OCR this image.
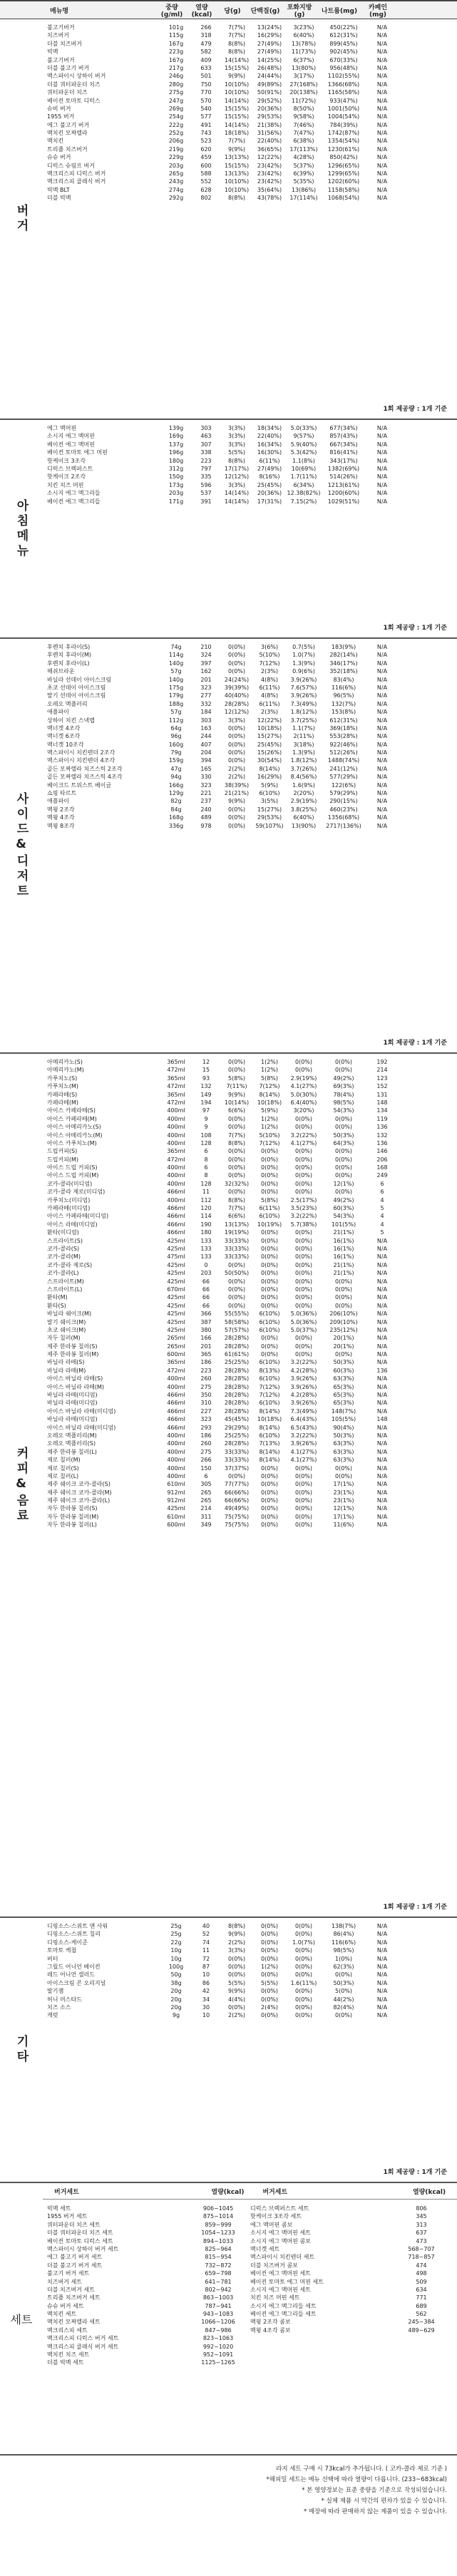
메뉴명	중량(g/ml)
열량(kcal)	당(g)	단백질(g)	포화지방(g)	나트륨(mg)	카페인(mg)
버거
불고기버거	101g	266	7(7%)	13(24%)	3(23%)	450(22%)	N/A
치즈버거	115g	318	7(7%)	16(29%)	6(40%)	612(31%)	N/A
더블 치즈버거	167g	479	8(8%)	27(49%)	13(78%)	899(45%)	N/A
빅맥	223g	582	8(8%)	27(49%)	11(73%)	902(45%)	N/A
불고기버거	167g	409	14(14%)	14(25%)	6(37%)	670(33%)	N/A
더블 불고기 버거	217g	633	15(15%)	26(48%)	13(80%)	956(48%)	N/A
맥스파이시 상하이 버거	246g	501	9(9%)	24(44%)	3(17%)	1102(55%)	N/A
더블 쿼터파운더 치즈	280g	750	10(10%)	49(89%)	27(168%)	1366(68%)	N/A
쿼터파운더 치즈	275g	770	10(10%)	50(91%)	20(138%)	1165(58%)	N/A
베이컨 토마토 디럭스	247g	570	14(14%)	29(52%)	11(72%)	933(47%)	N/A
슈비 버거	269g	540	15(15%)	20(36%)	8(50%)	1001(50%)	N/A
1955 버거	254g	577	15(15%)	29(53%)	9(58%)	1004(54%)	N/A
에그 불고기 버거	222g	491	14(14%)	21(38%)	7(46%)	784(39%)	N/A
맥치킨 모짜렐라	252g	743	18(18%)	31(56%)	7(47%)	1742(87%)	N/A
맥치킨	206g	523	7(7%)	22(40%)	6(38%)	1354(54%)	N/A
트리플 치즈버거	219g	620	9(9%)	36(65%)	17(113%)	1230(61%)	N/A
슈슈 버거	229g	459	13(13%)	12(22%)	4(28%)	850(42%)	N/A
디럭스 슈림프 버거	203g	600	15(15%)	23(42%)	5(37%)	1296(65%)	N/A
맥크리스피 디럭스 버거	265g	588	13(13%)	23(42%)	6(39%)	1299(65%)	N/A
맥크리스피 클래식 버거	243g	552	10(10%)	23(42%)	5(35%)	1202(60%)	N/A
빅맥 BLT	274g	628	10(10%)	35(64%)	13(86%)	1158(58%)	N/A
더블 빅맥	292g	802	8(8%)	43(78%)	17(114%)	1068(54%)	N/A
1회 제공량 : 1개 기준
아침메뉴
에그 맥머핀	139g	303	3(3%)	18(34%)	5.0(33%)	677(34%)	N/A
소시지 에그 맥머핀	169g	463	3(3%)	22(40%)	9(57%)	857(43%)	N/A
베이컨 에그 맥머핀	137g	307	3(3%)	16(34%)	5.9(40%)	667(34%)	N/A
베이컨 토마토 에그 머핀	196g	338	5(5%)	16(30%)	5.3(42%)	816(41%)	N/A
핫케이크 3조각	180g	223	8(8%)	6(11%)	1.1(8%)	343(17%)	N/A
디럭스 브렉퍼스트	312g	797	17(17%)	27(49%)	10(69%)	1382(69%)	N/A
핫케이크 2조각	150g	335	12(12%)	8(16%)	1.7(11%)	514(26%)	N/A
치킨 치즈 머핀	173g	596	3(3%)	25(45%)	6(34%)	1213(61%)	N/A
소시지 에그 맥그리들	203g	537	14(14%)	20(36%) 12.38(82%)	1200(60%)	N/A
베이컨 에그 맥그리들	171g	391	14(14%)	17(31%)	7.15(2%)	1029(51%)	N/A
1회 제공량 : 1개 기준
사이드&디저트
후렌치 후라이(S)	74g	210	0(0%)	3(6%)	0.7(5%)	183(9%)	N/A
후렌치 후라이(M)	114g	324	0(0%)	5(10%)	1.0(7%)	282(14%)	N/A
후렌치 후라이(L)	140g	397	0(0%)	7(12%)	1.3(9%)	346(17%)	N/A
해쉬브라운	57g	162	0(0%)	2(3%)	0.9(6%)	352(18%)	N/A
바닐라 선데이 아이스크림	140g	201	24(24%)	4(8%)	3.9(26%)	83(4%)	N/A
초코 선데이 아이스크림	175g	323	39(39%)	6(11%)	7.6(57%)	116(6%)	N/A
딸기 선데이 아이스크림	179g	277	40(40%)	4(8%)	3.9(26%)	96(5%)	N/A
오레오 맥플러리	188g	332	28(28%)	6(11%)	7.3(49%)	132(7%)	N/A
애플파이	57g	184	12(12%)	2(3%)	1.8(12%)	153(8%)	N/A
상하이 치킨 스낵랩	112g	303	3(3%)	12(22%)	3.7(25%)	612(31%)	N/A
맥너겟 4조각	64g	163	0(0%)	10(18%)	1.1(7%)	369(18%)	N/A
맥너겟 6조각	96g	244	0(0%)	15(27%)	2(11%)	553(28%)	N/A
맥너겟 10조각	160g	407	0(0%)	25(45%)	3(18%)	922(46%)	N/A
맥스파이시 치킨텐더 2조각	79g	204	0(0%)	15(26%)	1.3(9%)	512(26%)	N/A
맥스파이시 치킨텐더 4조각	159g	394	0(0%)	30(54%)	1.8(12%)	1488(74%)	N/A
골든 모짜렐라 치즈스틱 2조각	47g	165	2(2%)	8(14%)	3.7(26%)	241(12%)	N/A
골든 모짜렐라 치즈스틱 4조각	94g	330	2(2%)	16(29%)	8.4(56%)	577(29%)	N/A
베이크드 트위스트 베이글	166g	323	38(39%)	5(9%)	1.6(9%)	122(6%)	N/A
쇼핑 타르트	129g	221	21(21%)	6(10%)	2(20%)	579(29%)	N/A
애플파이	82g	237	9(9%)	3(5%)	2.9(19%)	290(15%)	N/A
맥윙 2조각	84g	240	0(0%)	15(27%)	3.8(25%)	460(23%)	N/A
맥윙 4조각	168g	489	0(0%)	29(53%)	6(40%)	1356(68%)	N/A
맥윙 8조각	336g	978	0(0%)	59(107%)	13(90%)	2717(136%)	N/A
1회 제공량 : 1개 기준
커피&음료
아메리카노(S)	365ml	12	0(0%)	1(2%)	0(0%)	0(0%)	192
아메리카노(M)	472ml	15	0(0%)	1(2%)	0(0%)	0(0%)	214
카푸치노(S)	365ml	93	5(8%)	5(8%)	2.9(19%)	49(2%)	123
카푸치노(M)	472ml	132	7(11%)	7(12%)	4.1(27%)	69(3%)	152
카페라떼(S)	365ml	149	9(9%)	8(14%)	5.0(30%)	78(4%)	131
카페라떼(M)	472ml	194	10(14%)	10(18%)	6.4(40%)	98(5%)	148
아이스 카페라떼(S)	400ml	97	6(6%)	5(9%)	3(20%)	54(3%)	134
아이스 카페라떼(M)	400ml	9	0(0%)	1(2%)	0(0%)	0(0%)	119
아이스 아메리카노(S)	400ml	9	0(0%)	1(2%)	0(0%)	0(0%)	136
아이스 아메리카노(M)	400ml	108	7(7%)	5(10%)	3.2(22%)	50(3%)	132
아이스 카푸치노(M)	400ml	128	8(8%)	7(12%)	4.1(27%)	64(3%)	136
드립커피(S)	365ml	6	0(0%)	0(0%)	0(0%)	0(0%)	146
드립커피(M)	472ml	8	0(0%)	0(0%)	0(0%)	0(0%)	206
아이스 드립 커피(S)	400ml	6	0(0%)	0(0%)	0(0%)	0(0%)	168
아이스 드립 커피(M)	400ml	8	0(0%)	0(0%)	0(0%)	0(0%)	249
코카-콜라(미디엄)	400ml	128	32(32%)	0(0%)	0(0%)	12(1%)	6
코카-콜라 제로(미디엄)	466ml	11	0(0%)	0(0%)	0(0%)	0(0%)	6
카푸치노(미디엄)	400ml	112	8(8%)	5(8%)	2.5(17%)	49(2%)	4
카페라떼(미디엄)	466ml	120	7(7%)	6(11%)	3.5(23%)	60(3%)	5
아이스 카페라떼(미디엄)	466ml	114	6(6%)	6(10%)	3.2(22%)	54(3%)	4
아이스 라떼(미디엄)	466ml	190	13(13%)	10(19%)	5.7(38%)	101(5%)	4
환타(미디엄)	466ml	180	19(19%)	0(0%)	0(0%)	21(1%)	5
스프라이트(S)	425ml	133	33(33%)	0(0%)	0(0%)	16(1%)	N/A
코카-콜라(S)	425ml	133	33(33%)	0(0%)	0(0%)	16(1%)	N/A
코카-콜라(M)	475ml	133	33(33%)	0(0%)	0(0%)	16(1%)	N/A
코카-콜라 제로(S)	425ml	0	0(0%)	0(0%)	0(0%)	21(1%)	N/A
코카-콜라(L)	425ml	203	50(50%)	0(0%)	0(0%)	21(1%)	N/A
스프라이트(M)	425ml	66	0(0%)	0(0%)	0(0%)	0(0%)	N/A
스프라이트(L)	670ml	66	0(0%)	0(0%)	0(0%)	0(0%)	N/A
환타(M)	425ml	66	0(0%)	0(0%)	0(0%)	0(0%)	N/A
환타(S)	425ml	66	0(0%)	0(0%)	0(0%)	0(0%)	N/A
바닐라 쉐이크(M)	425ml	366	55(55%)	6(10%)	5.0(36%)	206(10%)	N/A
딸기 쉐이크(M)	425ml	387	58(58%)	6(10%)	5.0(36%)	209(10%)	N/A
초코 쉐이크(M)	425ml	380	57(57%)	6(10%)	5.0(37%)	235(12%)	N/A
자두 칠러(M)	265ml	166	28(28%)	0(0%)	0(0%)	20(1%)	N/A
제주 한라봉 칠러(S)	265ml	201	28(28%)	0(0%)	0(0%)	20(1%)	N/A
제주 한라봉 칠러(M)	600ml	365	61(61%)	0(0%)	0(0%)	0(0%)	N/A
바닐라 라떼(S)	365ml	186	25(25%)	6(10%)	3.2(22%)	50(3%)	N/A
바닐라 라떼(M)	472ml	223	28(28%)	8(13%)	4.2(28%)	60(3%)	136
아이스 바닐라 라떼(S)	400ml	260	28(28%)	6(10%)	3.9(26%)	63(3%)	N/A
아이스 바닐라 라떼(M)	400ml	275	28(28%)	7(12%)	3.9(26%)	65(3%)	N/A
바닐라 라떼(미디엄)	466ml	350	28(28%)	7(12%)	4.2(28%)	65(3%)	N/A
바닐라 라떼(미디엄)	466ml	310	28(28%)	6(10%)	3.9(26%)	65(3%)	N/A
아이스 바닐라 라떼(미디엄)	466ml	227	28(28%)	8(14%)	7.3(49%)	148(7%)	N/A
바닐라 라떼(미디엄)	466ml	323	45(45%)	10(18%)	6.4(43%)	105(5%)	148
아이스 바닐라 라떼(미디엄)	466ml	293	29(29%)	8(14%)	6.5(43%)	90(4%)	N/A
오레오 맥플러리(M)	400ml	186	25(25%)	6(10%)	3.2(22%)	50(3%)	N/A
오레오 맥플러리(S)	400ml	260	28(28%)	7(13%)	3.9(26%)	63(3%)	N/A
제주 한라봉 칠러(L)	400ml	275	33(33%)	8(14%)	4.1(27%)	63(3%)	N/A
제로 칠러(M)	400ml	266	33(33%)	8(14%)	4.1(27%)	63(3%)	N/A
제로 칠러(S)	400ml	150	37(37%)	0(0%)	0(0%)	0(0%)	N/A
제로 칠러(L)	400ml	6	0(0%)	0(0%)	0(0%)	0(0%)	N/A
제주 쉐이크 코카-콜라(S)	610ml	305	77(77%)	0(0%)	0(0%)	17(1%)	N/A
제주 쉐이크 코카-콜라(M)	912ml	265	66(66%)	0(0%)	0(0%)	23(1%)	N/A
제주 쉐이크 코카-콜라(L)	912ml	265	66(66%)	0(0%)	0(0%)	23(1%)	N/A
자두 한라봉 칠러(S)	425ml	214	49(49%)	0(0%)	0(0%)	12(1%)	N/A
자두 한라봉 칠러(M)	610ml	311	75(75%)	0(0%)	0(0%)	17(1%)	N/A
자두 한라봉 칠러(L)	600ml	349	75(75%)	0(0%)	0(0%)	11(6%)	N/A
1회 제공량 : 1개 기준
기타
디핑소스-스위트 앤 사워	25g	40	8(8%)	0(0%)	0(0%)	138(7%)	N/A
디핑소스-스위트 칠리	25g	52	9(9%)	0(0%)	0(0%)	86(4%)	N/A
디핑소스-케이준	22g	74	2(2%)	0(0%)	1.0(7%)	116(6%)	N/A
토마토 케첩	10g	11	3(3%)	0(0%)	0(0%)	98(5%)	N/A
버터	10g	72	0(0%)	0(0%)	0(0%)	1(0%)	N/A
그릴드 어니언 베이컨	100g	87	0(0%)	1(2%)	0(0%)	62(3%)	N/A
레드 어니언 샐러드	50g	10	0(0%)	0(0%)	0(0%)	0(0%)	N/A
아이스크림 콘 오리지널	38g	86	5(5%)	5(5%)	1.6(11%)	50(3%)	N/A
딸기잼	20g	42	9(9%)	0(0%)	0(0%)	5(0%)	N/A
허니 머스타드	20g	34	4(4%)	0(0%)	0(0%)	44(2%)	N/A
치즈 소스	20g	30	0(0%)	2(4%)	0(0%)	82(4%)	N/A
캐럿	9g	10	2(2%)	0(0%)	0(0%)	0(0%)	N/A
1회 제공량 : 1개 기준
세트
버거세트	열량(kcal)	버거세트	열량(kcal)
빅맥 세트	906~1045
1955 버거 세트	875~1014
쿼터파운더 치즈 세트	859~999
더블 쿼터파운더 치즈 세트	1054~1233
베이컨 토마토 디럭스 세트	894~1033
맥스파이시 상하이 버거 세트	825~964
에그 불고기 버거 세트	815~954
더블 불고기 버거 세트	732~872
불고기 버거 세트	659~798
치즈버거 세트	641~781
더블 치즈버거 세트	802~942
트리플 치즈버거 세트	863~1003
슈슈 버거 세트	787~941
맥치킨 세트	943~1083
맥치킨 모짜렐라 세트	1066~1206
맥크리스피 세트	847~986
맥크리스피 디럭스 버거 세트	823~1063
맥크리스피 클래식 버거 세트	992~1020
맥치킨 치즈 세트	952~1091
더블 빅맥 세트	1125~1265
디럭스 브렉퍼스트 세트	806
핫케이크 3조각 세트	345
에그 맥머핀 콤보	313
소시지 에그 맥머핀 세트	637
소시지 에그 맥머핀 콤보	473
맥너겟 세트	568~707
맥스파이시 치킨텐더 세트	718~857
더블 치즈버거 콤보	474
베이컨 에그 맥머핀 세트	498
베이컨 토마토 에그 머핀 세트	509
소시지 에그 맥머핀 세트	634
치킨 치즈 머핀 세트	771
소시지 에그 맥그리들 세트	689
베이컨 에그 맥그리들 세트	562
맥윙 2조각 콤보	245~384
맥윙 4조각 콤보	489~629
라지 세트 구매 시 73kcal가 추가됩니다. ( 코카-콜라 제로 기준 )
*해피밀 세트는 메뉴 선택에 따라 열량이 다릅니다. (233~683kcal)
* 본 영양정보는 표준 중량을 기준으로 작성되었습니다.
* 실제 제품 시 약간의 편차가 있을 수 있습니다.
* 매장에 따라 판매하지 않는 제품이 있을 수 있습니다.
